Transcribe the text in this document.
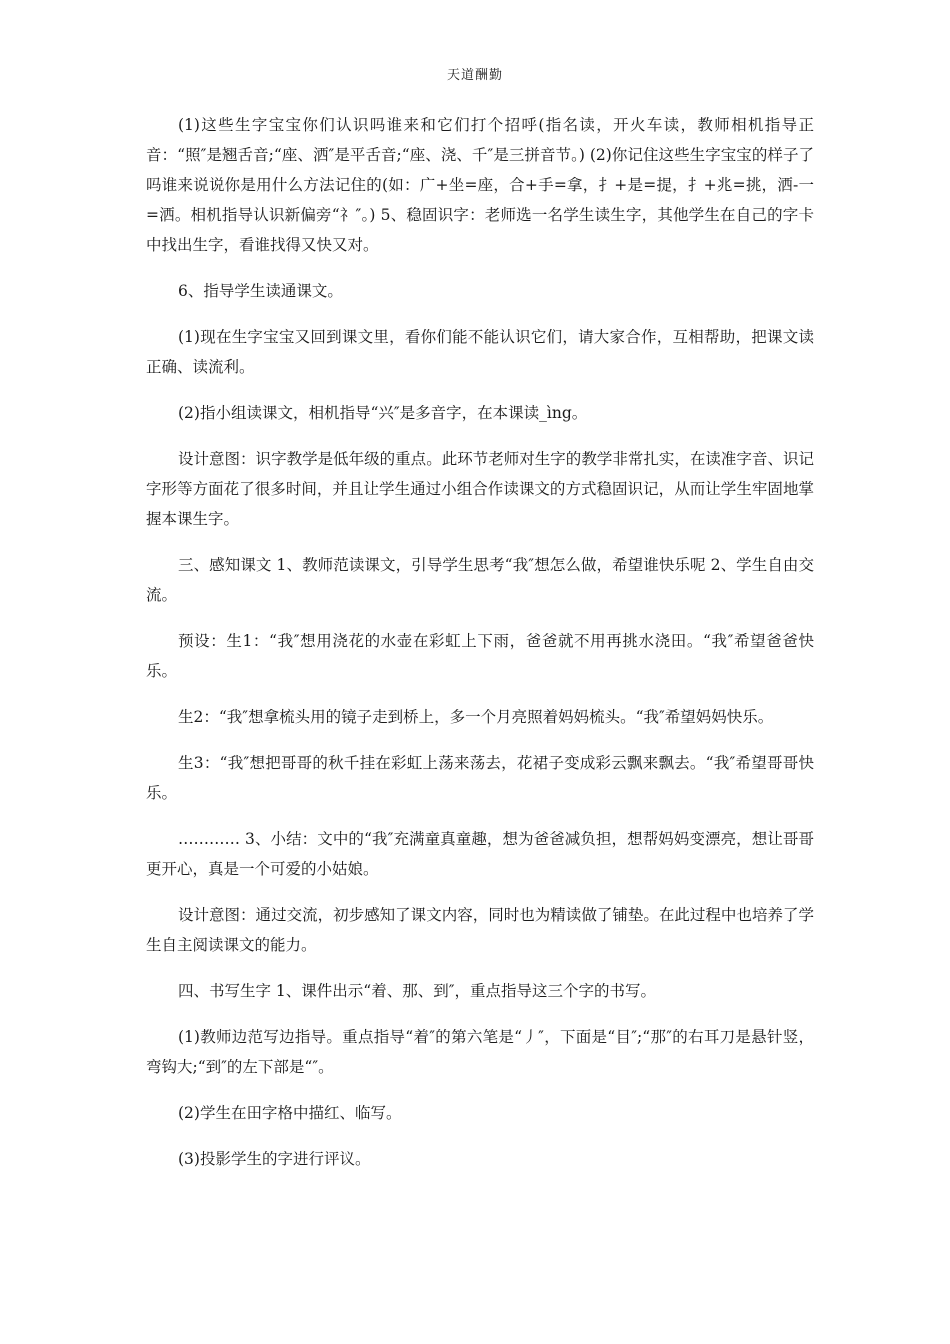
天道酬勤

(1)这些生字宝宝你们认识吗谁来和它们打个招呼(指名读，开火车读，教师相机指导正音：“照″是翘舌音;“座、洒″是平舌音;“座、浇、千″是三拼音节。) (2)你记住这些生字宝宝的样子了吗谁来说说你是用什么方法记住的(如：广+坐=座，合+手=拿，扌+是=提，扌+兆=挑，洒-一=洒。相机指导认识新偏旁“礻″。) 5、稳固识字：老师选一名学生读生字，其他学生在自己的字卡中找出生字，看谁找得又快又对。

6、指导学生读通课文。

(1)现在生字宝宝又回到课文里，看你们能不能认识它们，请大家合作，互相帮助，把课文读正确、读流利。

(2)指小组读课文，相机指导“兴″是多音字，在本课读_ìng。

设计意图：识字教学是低年级的重点。此环节老师对生字的教学非常扎实，在读准字音、识记字形等方面花了很多时间，并且让学生通过小组合作读课文的方式稳固识记，从而让学生牢固地掌握本课生字。

三、感知课文 1、教师范读课文，引导学生思考“我″想怎么做，希望谁快乐呢 2、学生自由交流。

预设：生1：“我″想用浇花的水壶在彩虹上下雨，爸爸就不用再挑水浇田。“我″希望爸爸快乐。

生2：“我″想拿梳头用的镜子走到桥上，多一个月亮照着妈妈梳头。“我″希望妈妈快乐。

生3：“我″想把哥哥的秋千挂在彩虹上荡来荡去，花裙子变成彩云飘来飘去。“我″希望哥哥快乐。

………… 3、小结：文中的“我″充满童真童趣，想为爸爸减负担，想帮妈妈变漂亮，想让哥哥更开心，真是一个可爱的小姑娘。

设计意图：通过交流，初步感知了课文内容，同时也为精读做了铺垫。在此过程中也培养了学生自主阅读课文的能力。

四、书写生字 1、课件出示“着、那、到″，重点指导这三个字的书写。

(1)教师边范写边指导。重点指导“着″的第六笔是“丿″，下面是“目″;“那″的右耳刀是悬针竖，弯钩大;“到″的左下部是“″。

(2)学生在田字格中描红、临写。

(3)投影学生的字进行评议。
